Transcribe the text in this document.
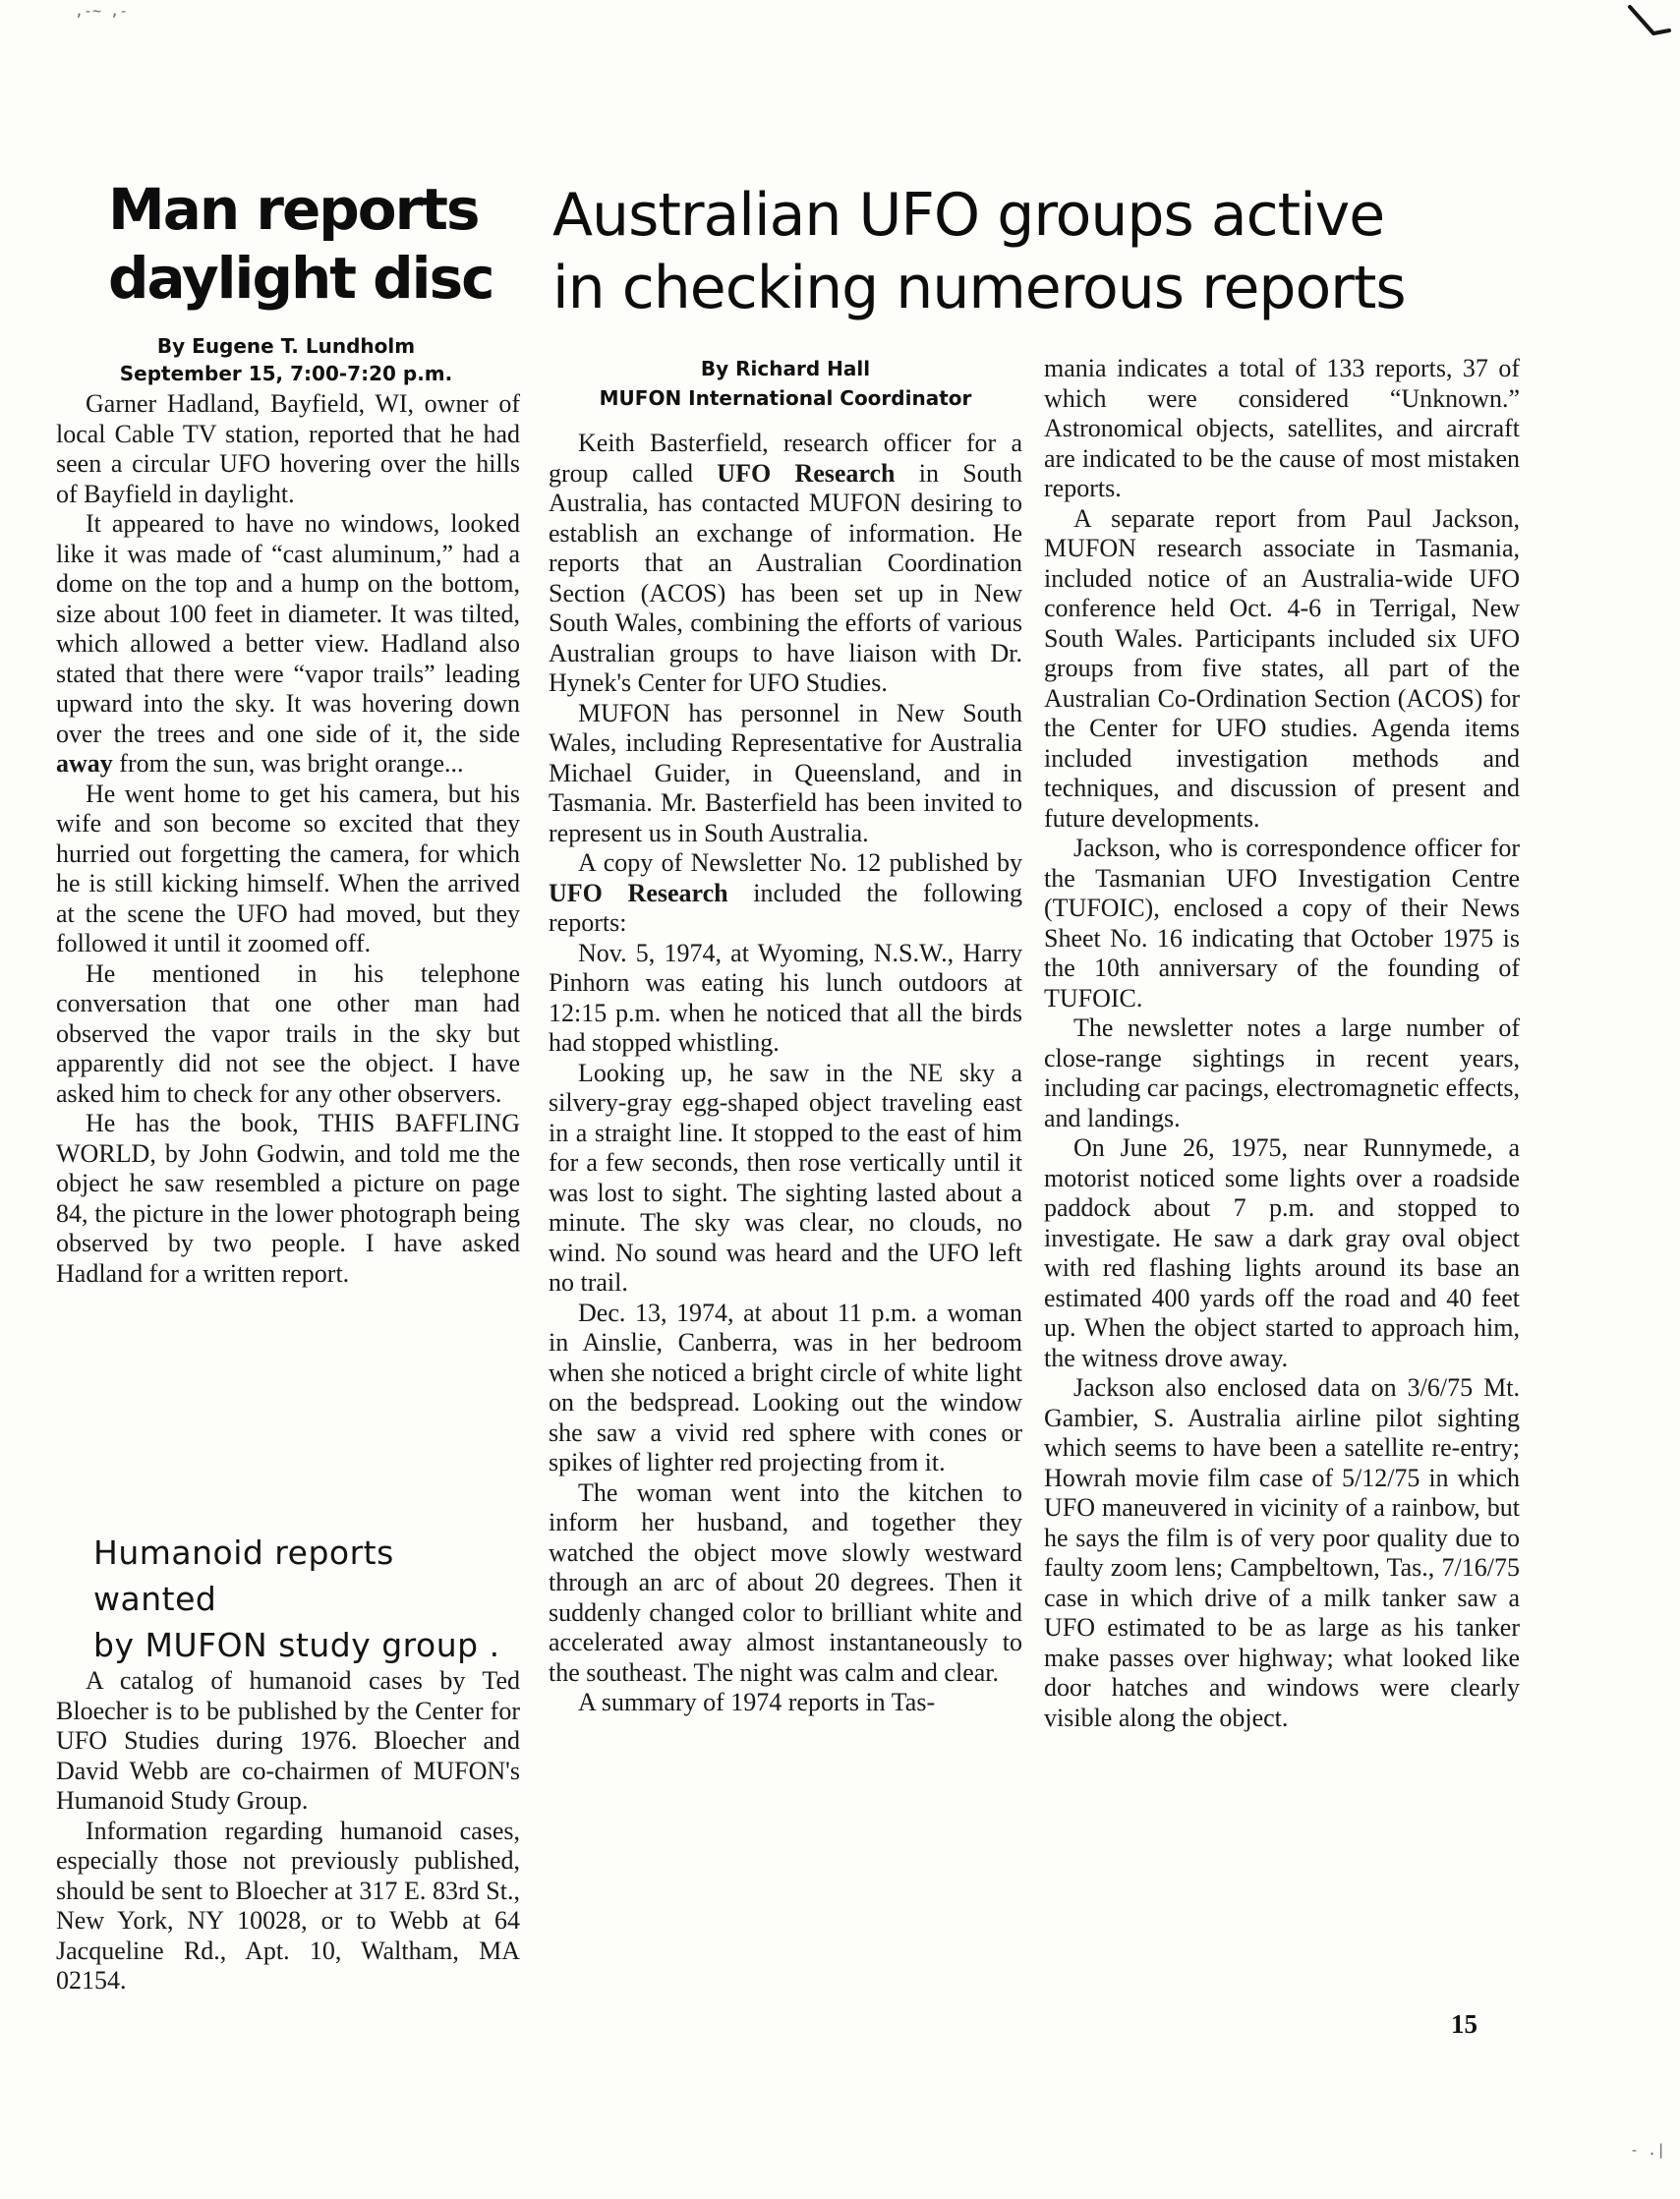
,-~ ,-
- .|
Man reports
daylight disc
By Eugene T. Lundholm
September 15, 7:00-7:20 p.m.

Garner Hadland, Bayfield, WI, owner of local Cable TV station, reported that he had seen a circular UFO hovering over the hills of Bayfield in daylight.

It appeared to have no windows, looked like it was made of “cast aluminum,” had a dome on the top and a hump on the bottom, size about 100 feet in diameter. It was tilted, which allowed a better view. Hadland also stated that there were “vapor trails” leading upward into the sky. It was hovering down over the trees and one side of it, the side away from the sun, was bright orange...

He went home to get his camera, but his wife and son become so excited that they hurried out forgetting the camera, for which he is still kicking himself. When the arrived at the scene the UFO had moved, but they followed it until it zoomed off.

He mentioned in his telephone conversation that one other man had observed the vapor trails in the sky but apparently did not see the object. I have asked him to check for any other observers.

He has the book, THIS BAFFLING WORLD, by John Godwin, and told me the object he saw resembled a picture on page 84, the picture in the lower photograph being observed by two people. I have asked Hadland for a written report.

Humanoid reports wanted
by MUFON study group .

A catalog of humanoid cases by Ted Bloecher is to be published by the Center for UFO Studies during 1976. Bloecher and David Webb are co-chairmen of MUFON's Humanoid Study Group.

Information regarding humanoid cases, especially those not previously published, should be sent to Bloecher at 317 E. 83rd St., New York, NY 10028, or to Webb at 64 Jacqueline Rd., Apt. 10, Waltham, MA 02154.

Australian UFO groups active
in checking numerous reports
By Richard Hall
MUFON International Coordinator

Keith Basterfield, research officer for a group called UFO Research in South Australia, has contacted MUFON desiring to establish an exchange of information. He reports that an Australian Coordination Section (ACOS) has been set up in New South Wales, combining the efforts of various Australian groups to have liaison with Dr. Hynek's Center for UFO Studies.

MUFON has personnel in New South Wales, including Representative for Australia Michael Guider, in Queensland, and in Tasmania. Mr. Basterfield has been invited to represent us in South Australia.

A copy of Newsletter No. 12 published by UFO Research included the following reports:

Nov. 5, 1974, at Wyoming, N.S.W., Harry Pinhorn was eating his lunch outdoors at 12:15 p.m. when he noticed that all the birds had stopped whistling.

Looking up, he saw in the NE sky a silvery-gray egg-shaped object traveling east in a straight line. It stopped to the east of him for a few seconds, then rose vertically until it was lost to sight. The sighting lasted about a minute. The sky was clear, no clouds, no wind. No sound was heard and the UFO left no trail.

Dec. 13, 1974, at about 11 p.m. a woman in Ainslie, Canberra, was in her bedroom when she noticed a bright circle of white light on the bedspread. Looking out the window she saw a vivid red sphere with cones or spikes of lighter red projecting from it.

The woman went into the kitchen to inform her husband, and together they watched the object move slowly westward through an arc of about 20 degrees. Then it suddenly changed color to brilliant white and accelerated away almost instantaneously to the southeast. The night was calm and clear.

A summary of 1974 reports in Tas-

mania indicates a total of 133 reports, 37 of which were considered “Unknown.” Astronomical objects, satellites, and aircraft are indicated to be the cause of most mistaken reports.

A separate report from Paul Jackson, MUFON research associate in Tasmania, included notice of an Australia-wide UFO conference held Oct. 4-6 in Terrigal, New South Wales. Participants included six UFO groups from five states, all part of the Australian Co-Ordination Section (ACOS) for the Center for UFO studies. Agenda items included investigation methods and techniques, and discussion of present and future developments.

Jackson, who is correspondence officer for the Tasmanian UFO Investigation Centre (TUFOIC), enclosed a copy of their News Sheet No. 16 indicating that October 1975 is the 10th anniversary of the founding of TUFOIC.

The newsletter notes a large number of close-range sightings in recent years, including car pacings, electromagnetic effects, and landings.

On June 26, 1975, near Runnymede, a motorist noticed some lights over a roadside paddock about 7 p.m. and stopped to investigate. He saw a dark gray oval object with red flashing lights around its base an estimated 400 yards off the road and 40 feet up. When the object started to approach him, the witness drove away.

Jackson also enclosed data on 3/6/75 Mt. Gambier, S. Australia airline pilot sighting which seems to have been a satellite re-entry; Howrah movie film case of 5/12/75 in which UFO maneuvered in vicinity of a rainbow, but he says the film is of very poor quality due to faulty zoom lens; Campbeltown, Tas., 7/16/75 case in which drive of a milk tanker saw a UFO estimated to be as large as his tanker make passes over highway; what looked like door hatches and windows were clearly visible along the object.

15
